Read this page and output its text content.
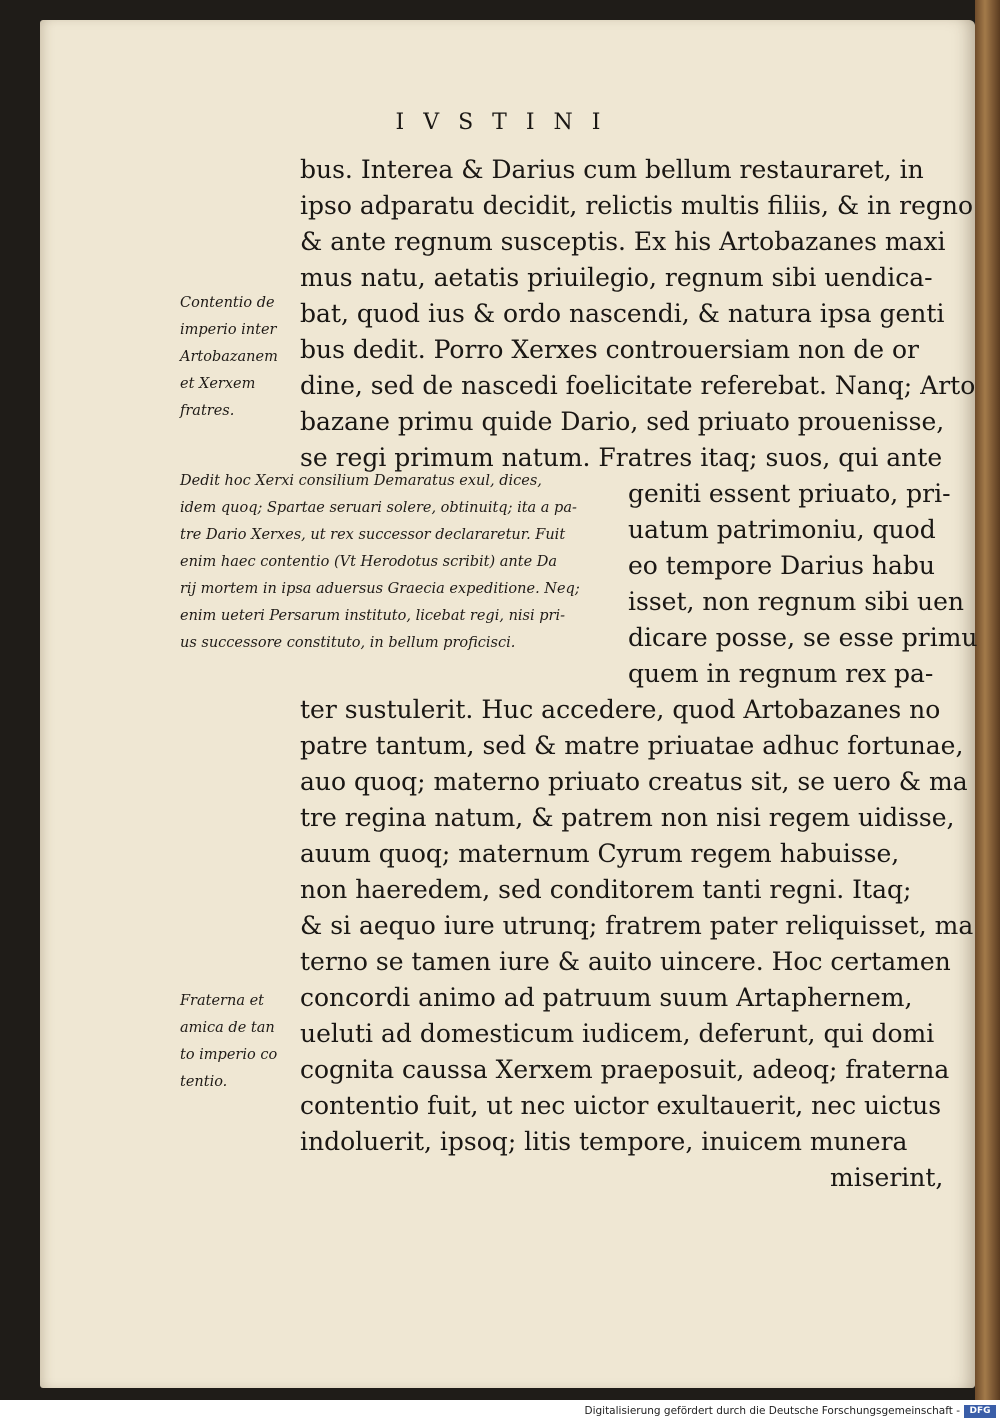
IVSTINI
bus. Interea & Darius cum bellum restauraret, in
ipso adparatu decidit, relictis multis filiis, & in regno
& ante regnum susceptis. Ex his Artobazanes maxi
mus natu, aetatis priuilegio, regnum sibi uendica-
bat, quod ius & ordo nascendi, & natura ipsa genti
bus dedit. Porro Xerxes controuersiam non de or
dine, sed de nascedi foelicitate referebat. Nanq; Arto
bazane primu quide Dario, sed priuato prouenisse,
se regi primum natum. Fratres itaq; suos, qui ante
geniti essent priuato, pri-
uatum patrimoniu, quod
eo tempore Darius habu
isset, non regnum sibi uen
dicare posse, se esse primu
quem in regnum rex pa-
ter sustulerit. Huc accedere, quod Artobazanes no
patre tantum, sed & matre priuatae adhuc fortunae,
auo quoq; materno priuato creatus sit, se uero & ma
tre regina natum, & patrem non nisi regem uidisse,
auum quoq; maternum Cyrum regem habuisse,
non haeredem, sed conditorem tanti regni. Itaq;
& si aequo iure utrunq; fratrem pater reliquisset, ma
terno se tamen iure & auito uincere. Hoc certamen
concordi animo ad patruum suum Artaphernem,
ueluti ad domesticum iudicem, deferunt, qui domi
cognita caussa Xerxem praeposuit, adeoq; fraterna
contentio fuit, ut nec uictor exultauerit, nec uictus
indoluerit, ipsoq; litis tempore, inuicem munera
miserint,
Contentio de
imperio inter
Artobazanem
et Xerxem
fratres.
Dedit hoc Xerxi consilium Demaratus exul, dices,
idem quoq; Spartae seruari solere, obtinuitq; ita a pa-
tre Dario Xerxes, ut rex successor declararetur. Fuit
enim haec contentio (Vt Herodotus scribit) ante Da
rij mortem in ipsa aduersus Graecia expeditione. Neq;
enim ueteri Persarum instituto, licebat regi, nisi pri-
us successore constituto, in bellum proficisci.
Fraterna et
amica de tan
to imperio co
tentio.
Digitalisierung gefördert durch die Deutsche Forschungsgemeinschaft -	DFG
